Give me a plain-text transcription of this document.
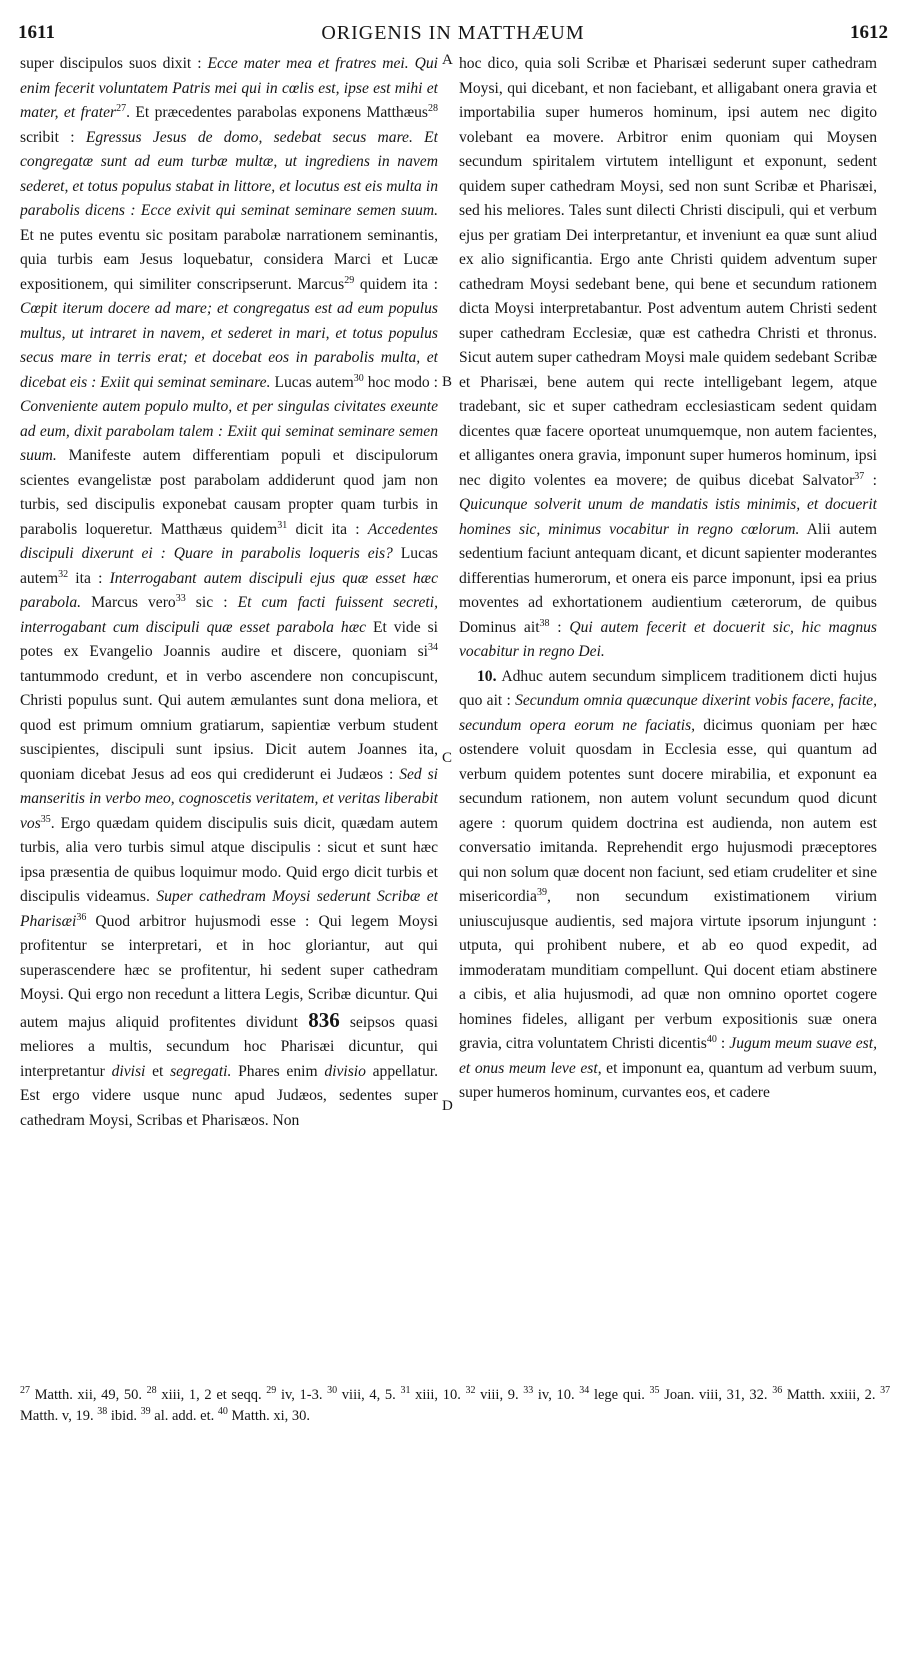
1611	ORIGENIS IN MATTHÆUM	1612

super discipulos suos dixit : Ecce mater mea et fratres mei. Qui enim fecerit voluntatem Patris mei qui in cœlis est, ipse est mihi et mater, et frater$^{27}$. Et præcedentes parabolas exponens Matthæus$^{28}$ scribit : Egressus Jesus de domo, sedebat secus mare. Et congregatæ sunt ad eum turbæ multæ, ut ingrediens in navem sederet, et totus populus stabat in littore, et locutus est eis multa in parabolis dicens : Ecce exivit qui seminat seminare semen suum. Et ne putes eventu sic positam parabolæ narrationem seminantis, quia turbis eam Jesus loquebatur, considera Marci et Lucæ expositionem, qui similiter conscripserunt. Marcus$^{29}$ quidem ita : Cœpit iterum docere ad mare; et congregatus est ad eum populus multus, ut intraret in navem, et sederet in mari, et totus populus secus mare in terris erat; et docebat eos in parabolis multa, et dicebat eis : Exiit qui seminat seminare. Lucas autem$^{30}$ hoc modo : Conveniente autem populo multo, et per singulas civitates exeunte ad eum, dixit parabolam talem : Exiit qui seminat seminare semen suum. Manifeste autem differentiam populi et discipulorum scientes evangelistæ post parabolam addiderunt quod jam non turbis, sed discipulis exponebat causam propter quam turbis in parabolis loqueretur. Matthæus quidem$^{31}$ dicit ita : Accedentes discipuli dixerunt ei : Quare in parabolis loqueris eis? Lucas autem$^{32}$ ita : Interrogabant autem discipuli ejus quæ esset hæc parabola. Marcus vero$^{33}$ sic : Et cum facti fuissent secreti, interrogabant cum discipuli quæ esset parabola hæc Et vide si potes ex Evangelio Joannis audire et discere, quoniam $si^{34}$ tantummodo credunt, et in verbo ascendere non concupiscunt, Christi populus sunt. Qui autem æmulantes sunt dona meliora, et quod est primum omnium gratiarum, sapientiæ verbum student suscipientes, discipuli sunt ipsius. Dicit autem Joannes ita, quoniam dicebat Jesus ad eos qui crediderunt ei Judæos : Sed si manseritis in verbo meo, cognoscetis veritatem, et veritas liberabit vos$^{35}$. Ergo quædam quidem discipulis suis dicit, quædam autem turbis, alia vero turbis simul atque discipulis : sicut et sunt hæc ipsa præsentia de quibus loquimur modo. Quid ergo dicit turbis et discipulis videamus. Super cathedram Moysi sederunt Scribæ et Pharisæi$^{36}$ Quod arbitror hujusmodi esse : Qui legem Moysi profitentur se interpretari, et in hoc gloriantur, aut qui superascendere hæc se profitentur, hi sedent super cathedram Moysi. Qui ergo non recedunt a littera Legis, Scribæ dicuntur. Qui autem majus aliquid profitentes dividunt 836 seipsos quasi meliores a multis, secundum hoc Pharisæi dicuntur, qui interpretantur divisi et segregati. Phares enim divisio appellatur. Est ergo videre usque nunc apud Judæos, sedentes super cathedram Moysi, Scribas et Pharisæos. Non

hoc dico, quia soli Scribæ et Pharisæi sederunt super cathedram Moysi, qui dicebant, et non faciebant, et alligabant onera gravia et importabilia super humeros hominum, ipsi autem nec digito volebant ea movere. Arbitror enim quoniam qui Moysen secundum spiritalem virtutem intelligunt et exponunt, sedent quidem super cathedram Moysi, sed non sunt Scribæ et Pharisæi, sed his meliores. Tales sunt dilecti Christi discipuli, qui et verbum ejus per gratiam Dei interpretantur, et inveniunt ea quæ sunt aliud ex alio significantia. Ergo ante Christi quidem adventum super cathedram Moysi sedebant bene, qui bene et secundum rationem dicta Moysi interpretabantur. Post adventum autem Christi sedent super cathedram Ecclesiæ, quæ est cathedra Christi et thronus. Sicut autem super cathedram Moysi male quidem sedebant Scribæ et Pharisæi, bene autem qui recte intelligebant legem, atque tradebant, sic et super cathedram ecclesiasticam sedent quidam dicentes quæ facere oporteat unumquemque, non autem facientes, et alligantes onera gravia, imponunt super humeros hominum, ipsi nec digito volentes ea movere; de quibus dicebat Salvator$^{37}$ : Quicunque solverit unum de mandatis istis minimis, et docuerit homines sic, minimus vocabitur in regno cœlorum. Alii autem sedentium faciunt antequam dicant, et dicunt sapienter moderantes differentias humerorum, et onera eis parce imponunt, ipsi ea prius moventes ad exhortationem audientium cæterorum, de quibus Dominus ait$^{38}$ : Qui autem fecerit et docuerit sic, hic magnus vocabitur in regno Dei.

10. Adhuc autem secundum simplicem traditionem dicti hujus quo ait : Secundum omnia quæcunque dixerint vobis facere, facite, secundum opera eorum ne faciatis, dicimus quoniam per hæc ostendere voluit quosdam in Ecclesia esse, qui quantum ad verbum quidem potentes sunt docere mirabilia, et exponunt ea secundum rationem, non autem volunt secundum quod dicunt agere : quorum quidem doctrina est audienda, non autem est conversatio imitanda. Reprehendit ergo hujusmodi præceptores qui non solum quæ docent non faciunt, sed etiam crudeliter et sine misericordia$^{39}$, non secundum existimationem virium uniuscujusque audientis, sed majora virtute ipsorum injungunt : utputa, qui prohibent nubere, et ab eo quod expedit, ad immoderatam munditiam compellunt. Qui docent etiam abstinere a cibis, et alia hujusmodi, ad quæ non omnino oportet cogere homines fideles, alligant per verbum expositionis suæ onera gravia, citra voluntatem Christi dicentis$^{40}$ : Jugum meum suave est, et onus meum leve est, et imponunt ea, quantum ad verbum suum, super humeros hominum, curvantes eos, et cadere

A
B
C
D
$^{27}$ Matth. xii, 49, 50. $^{28}$ xiii, 1, 2 et seqq. $^{29}$ iv, 1-3. $^{30}$ viii, 4, 5. $^{31}$ xiii, 10. $^{32}$ viii, 9. $^{33}$ iv, 10. $^{34}$ lege qui. $^{35}$ Joan. viii, 31, 32. $^{36}$ Matth. xxiii, 2. $^{37}$ Matth. v, 19. $^{38}$ ibid. $^{39}$ al. add. et. $^{40}$ Matth. xi, 30.
